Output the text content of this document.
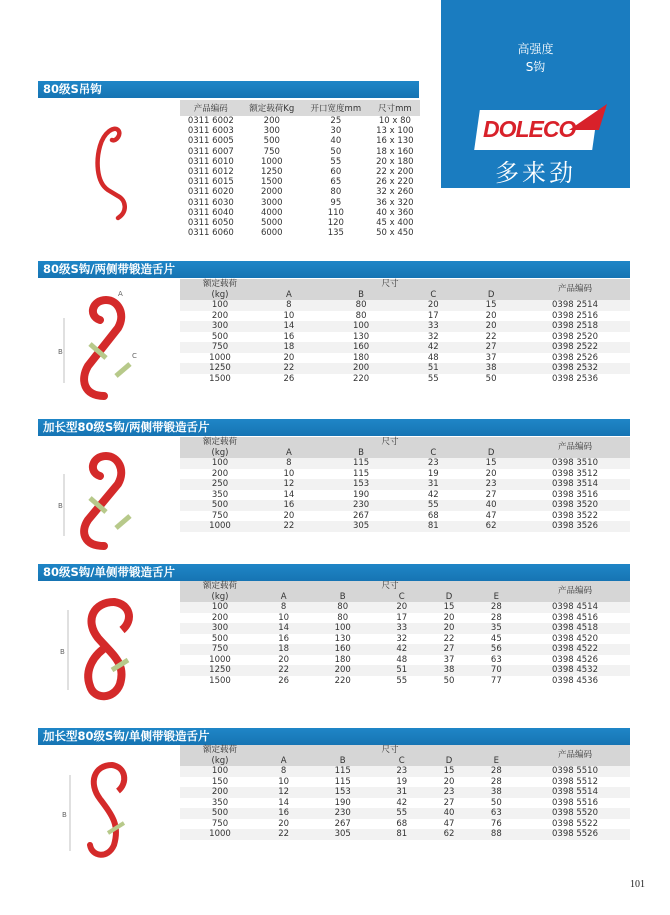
高强度
S钩
DOLECO
多来劲
80级S吊钩
产品编码	额定载荷Kg	开口宽度mm	尺寸mm
0311 6002	200	25	10 x 80
0311 6003	300	30	13 x 100
0311 6005	500	40	16 x 130
0311 6007	750	50	18 x 160
0311 6010	1000	55	20 x 180
0311 6012	1250	60	22 x 200
0311 6015	1500	65	26 x 220
0311 6020	2000	80	32 x 260
0311 6030	3000	95	36 x 320
0311 6040	4000	110	40 x 360
0311 6050	5000	120	45 x 400
0311 6060	6000	135	50 x 450
80级S钩/两侧带锻造舌片
B	C
A
额定载荷	尺寸				产品编码
(kg)	A	B	C	D	
100	8	80	20	15	0398 2514
200	10	80	17	20	0398 2516
300	14	100	33	20	0398 2518
500	16	130	32	22	0398 2520
750	18	160	42	27	0398 2522
1000	20	180	48	37	0398 2526
1250	22	200	51	38	0398 2532
1500	26	220	55	50	0398 2536
加长型80级S钩/两侧带锻造舌片
B
额定载荷	尺寸				产品编码
(kg)	A	B	C	D	
100	8	115	23	15	0398 3510
200	10	115	19	20	0398 3512
250	12	153	31	23	0398 3514
350	14	190	42	27	0398 3516
500	16	230	55	40	0398 3520
750	20	267	68	47	0398 3522
1000	22	305	81	62	0398 3526
80级S钩/单侧带锻造舌片
B
额定载荷	尺寸					产品编码
(kg)	A	B	C	D	E	
100	8	80	20	15	28	0398 4514
200	10	80	17	20	28	0398 4516
300	14	100	33	20	35	0398 4518
500	16	130	32	22	45	0398 4520
750	18	160	42	27	56	0398 4522
1000	20	180	48	37	63	0398 4526
1250	22	200	51	38	70	0398 4532
1500	26	220	55	50	77	0398 4536
加长型80级S钩/单侧带锻造舌片
B
额定载荷	尺寸					产品编码
(kg)	A	B	C	D	E	
100	8	115	23	15	28	0398 5510
150	10	115	19	20	28	0398 5512
200	12	153	31	23	38	0398 5514
350	14	190	42	27	50	0398 5516
500	16	230	55	40	63	0398 5520
750	20	267	68	47	76	0398 5522
1000	22	305	81	62	88	0398 5526
101
